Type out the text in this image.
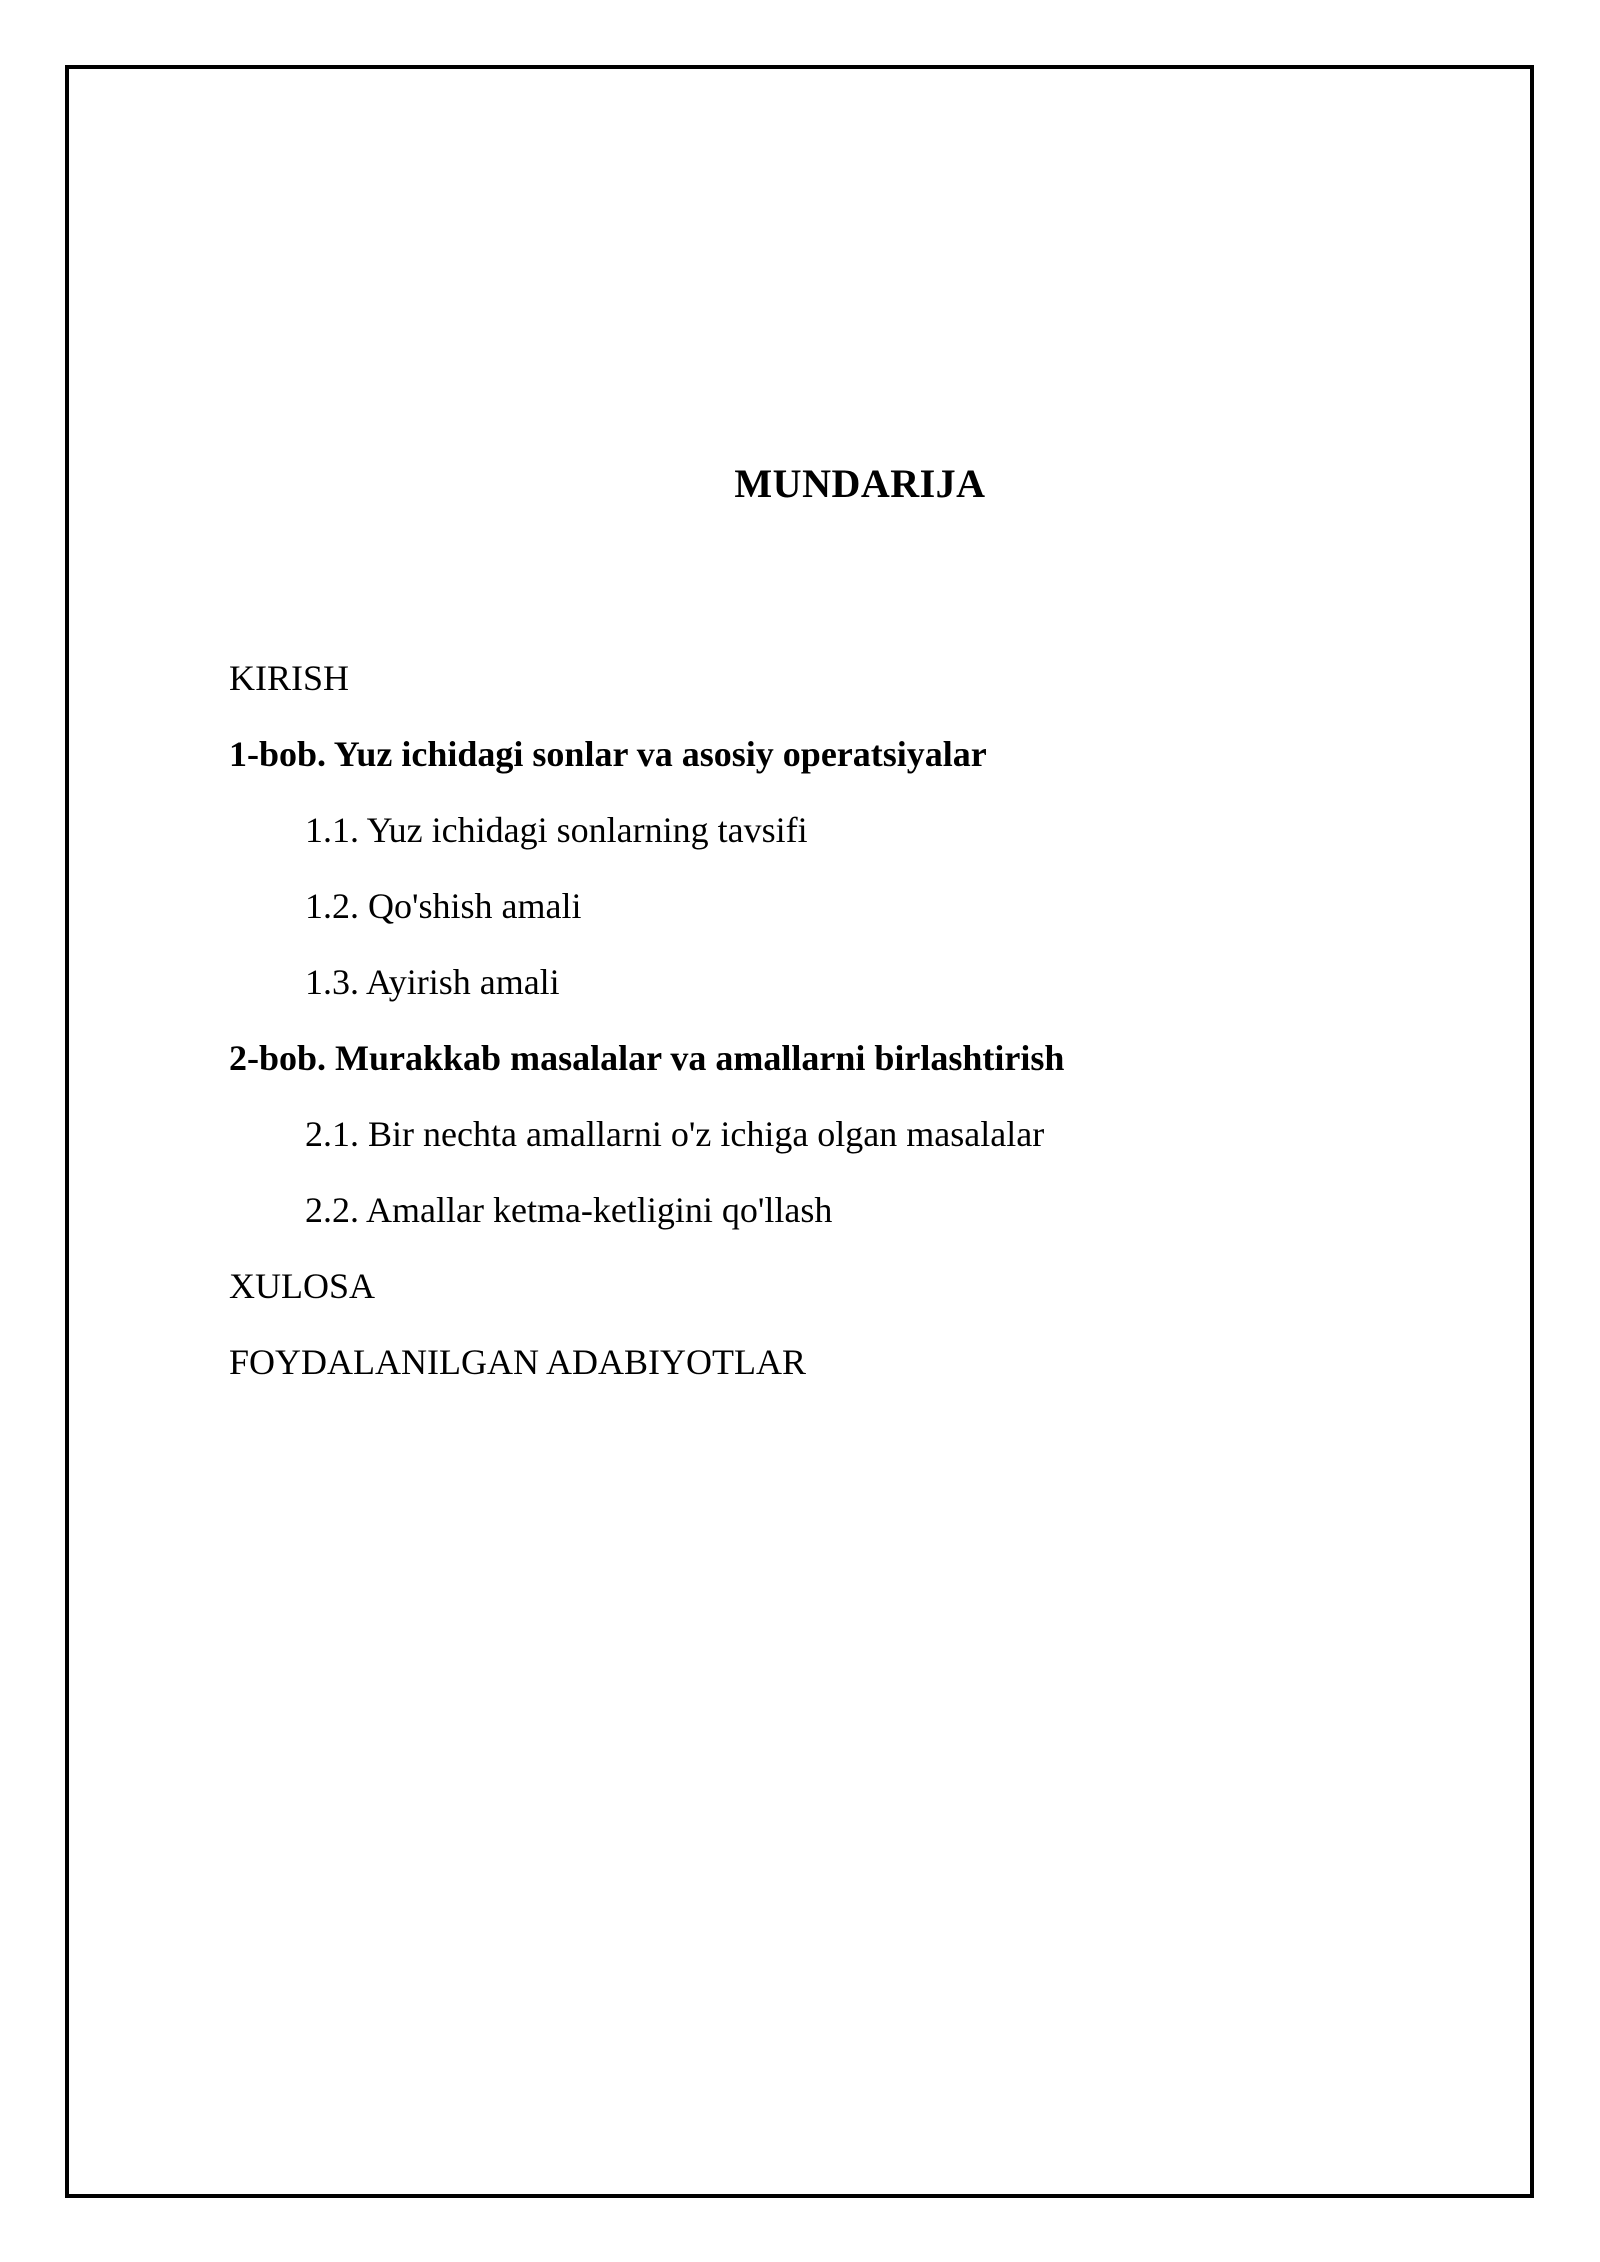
MUNDARIJA
KIRISH
1-bob. Yuz ichidagi sonlar va asosiy operatsiyalar
1.1. Yuz ichidagi sonlarning tavsifi
1.2. Qo'shish amali
1.3. Ayirish amali
2-bob. Murakkab masalalar va amallarni birlashtirish
2.1. Bir nechta amallarni o'z ichiga olgan masalalar
2.2. Amallar ketma-ketligini qo'llash
XULOSA
FOYDALANILGAN ADABIYOTLAR
